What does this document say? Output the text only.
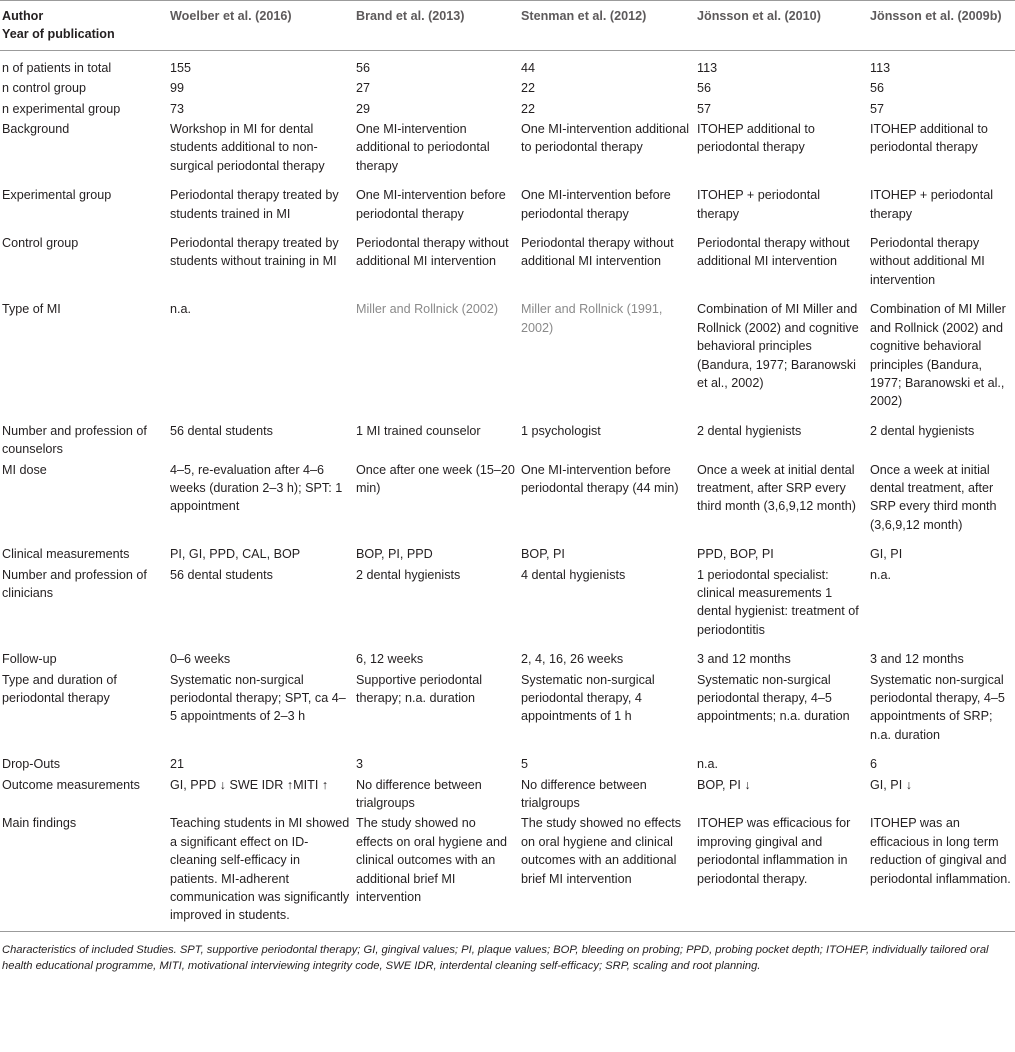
Author
Year of publication	Woelber et al. (2016)	Brand et al. (2013)	Stenman et al. (2012)	Jönsson et al. (2010)	Jönsson et al. (2009b)
n of patients in total	155	56	44	113	113
n control group	99	27	22	56	56
n experimental group	73	29	22	57	57
Background	Workshop in MI for dental students additional to non-surgical periodontal therapy	One MI-intervention additional to periodontal therapy	One MI-intervention additional to periodontal therapy	ITOHEP additional to periodontal therapy	ITOHEP additional to periodontal therapy
Experimental group	Periodontal therapy treated by students trained in MI	One MI-intervention before periodontal therapy	One MI-intervention before periodontal therapy	ITOHEP + periodontal therapy	ITOHEP + periodontal therapy
Control group	Periodontal therapy treated by students without training in MI	Periodontal therapy without additional MI intervention	Periodontal therapy without additional MI intervention	Periodontal therapy without additional MI intervention	Periodontal therapy without additional MI intervention
Type of MI	n.a.	Miller and Rollnick (2002)	Miller and Rollnick (1991, 2002)	Combination of MI Miller and Rollnick (2002) and cognitive behavioral principles (Bandura, 1977; Baranowski et al., 2002)	Combination of MI Miller and Rollnick (2002) and cognitive behavioral principles (Bandura, 1977; Baranowski et al., 2002)
Number and profession of counselors	56 dental students	1 MI trained counselor	1 psychologist	2 dental hygienists	2 dental hygienists
MI dose	4–5, re-evaluation after 4–6 weeks (duration 2–3 h); SPT: 1 appointment	Once after one week (15–20 min)	One MI-intervention before periodontal therapy (44 min)	Once a week at initial dental treatment, after SRP every third month (3,6,9,12 month)	Once a week at initial dental treatment, after SRP every third month (3,6,9,12 month)
Clinical measurements	PI, GI, PPD, CAL, BOP	BOP, PI, PPD	BOP, PI	PPD, BOP, PI	GI, PI
Number and profession of clinicians	56 dental students	2 dental hygienists	4 dental hygienists	1 periodontal specialist: clinical measurements 1 dental hygienist: treatment of periodontitis	n.a.
Follow-up	0–6 weeks	6, 12 weeks	2, 4, 16, 26 weeks	3 and 12 months	3 and 12 months
Type and duration of periodontal therapy	Systematic non-surgical periodontal therapy; SPT, ca 4–5 appointments of 2–3 h	Supportive periodontal therapy; n.a. duration	Systematic non-surgical periodontal therapy, 4 appointments of 1 h	Systematic non-surgical periodontal therapy, 4–5 appointments; n.a. duration	Systematic non-surgical periodontal therapy, 4–5 appointments of SRP; n.a. duration
Drop-Outs	21	3	5	n.a.	6
Outcome measurements	GI, PPD ↓ SWE IDR ↑MITI ↑	No difference between trialgroups	No difference between trialgroups	BOP, PI ↓	GI, PI ↓
Main findings	Teaching students in MI showed a significant effect on ID-cleaning self-efficacy in patients. MI-adherent communication was significantly improved in students.	The study showed no effects on oral hygiene and clinical outcomes with an additional brief MI intervention	The study showed no effects on oral hygiene and clinical outcomes with an additional brief MI intervention	ITOHEP was efficacious for improving gingival and periodontal inflammation in periodontal therapy.	ITOHEP was an efficacious in long term reduction of gingival and periodontal inflammation.
Characteristics of included Studies. SPT, supportive periodontal therapy; GI, gingival values; PI, plaque values; BOP, bleeding on probing; PPD, probing pocket depth; ITOHEP, individually tailored oral health educational programme, MITI, motivational interviewing integrity code, SWE IDR, interdental cleaning self-efficacy; SRP, scaling and root planning.
